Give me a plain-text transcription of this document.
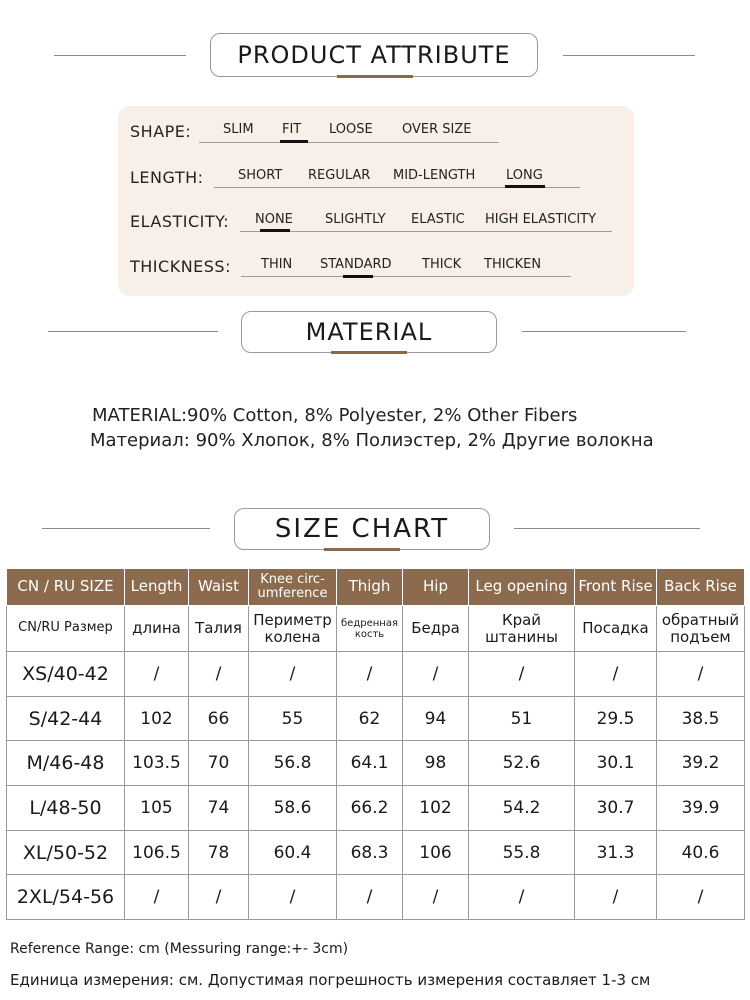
PRODUCT ATTRIBUTE
SHAPE: SLIM FIT LOOSE OVER SIZE
LENGTH:	SHORT REGULAR MID-LENGTH LONG
ELASTICITY: NONE SLIGHTLY ELASTIC HIGH ELASTICITY
THICKNESS: THIN STANDARD THICK THICKEN
MATERIAL
MATERIAL:90% Cotton, 8% Polyester, 2% Other Fibers
Материал: 90% Хлопок, 8% Полиэстер, 2% Другие волокна
SIZE CHART
CN / RU SIZE	Length	Waist	Knee circ-umference	Thigh	Hip	Leg opening	Front Rise	Back Rise
CN/RU Размер	длина	Талия	Периметр колена	бедренная кость	Бедра	Край штанины	Посадка	обратный подъем
XS/40-42	/	/	/	/	/	/	/	/
S/42-44	102	66	55	62	94	51	29.5	38.5
M/46-48	103.5	70	56.8	64.1	98	52.6	30.1	39.2
L/48-50	105	74	58.6	66.2	102	54.2	30.7	39.9
XL/50-52	106.5	78	60.4	68.3	106	55.8	31.3	40.6
2XL/54-56	/	/	/	/	/	/	/	/
Reference Range: cm (Messuring range:+- 3cm)
Единица измерения: см. Допустимая погрешность измерения составляет 1-3 см
